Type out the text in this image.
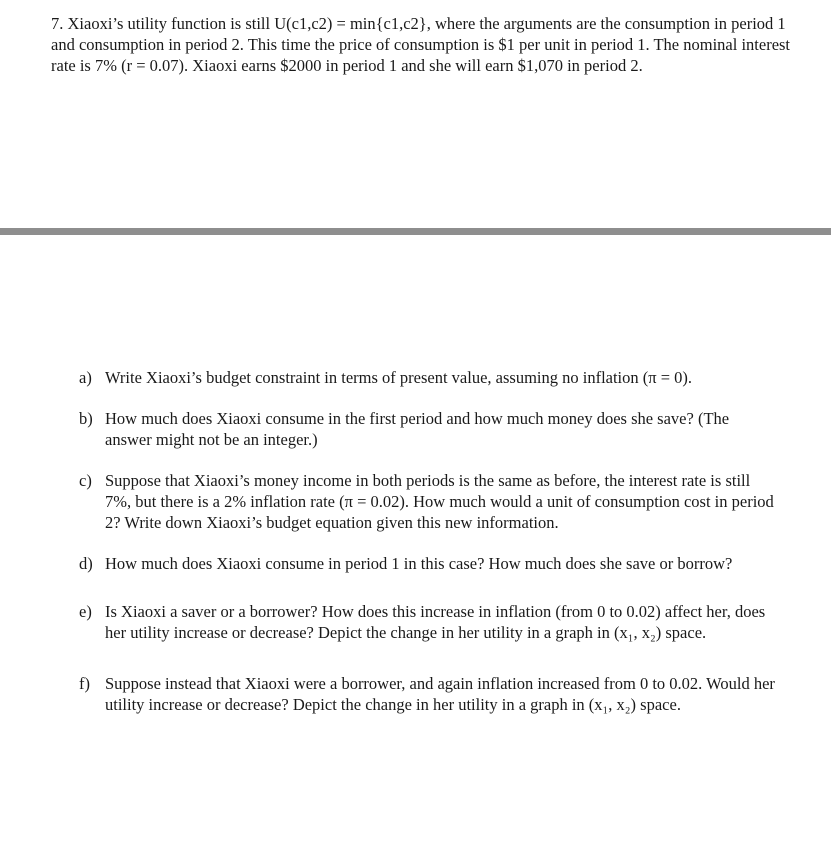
7. Xiaoxi’s utility function is still U(c1,c2) = min{c1,c2}, where the arguments are the consumption in period 1 and consumption in period 2. This time the price of consumption is $1 per unit in period 1. The nominal interest rate is 7% (r = 0.07). Xiaoxi earns $2000 in period 1 and she will earn $1,070 in period 2.
a) Write Xiaoxi’s budget constraint in terms of present value, assuming no inflation (π = 0).
b) How much does Xiaoxi consume in the first period and how much money does she save? (The answer might not be an integer.)
c) Suppose that Xiaoxi’s money income in both periods is the same as before, the interest rate is still 7%, but there is a 2% inflation rate (π = 0.02). How much would a unit of consumption cost in period 2? Write down Xiaoxi’s budget equation given this new information.
d) How much does Xiaoxi consume in period 1 in this case? How much does she save or borrow?
e) Is Xiaoxi a saver or a borrower? How does this increase in inflation (from 0 to 0.02) affect her, does her utility increase or decrease? Depict the change in her utility in a graph in (x₁, x₂) space.
f) Suppose instead that Xiaoxi were a borrower, and again inflation increased from 0 to 0.02. Would her utility increase or decrease? Depict the change in her utility in a graph in (x₁, x₂) space.
